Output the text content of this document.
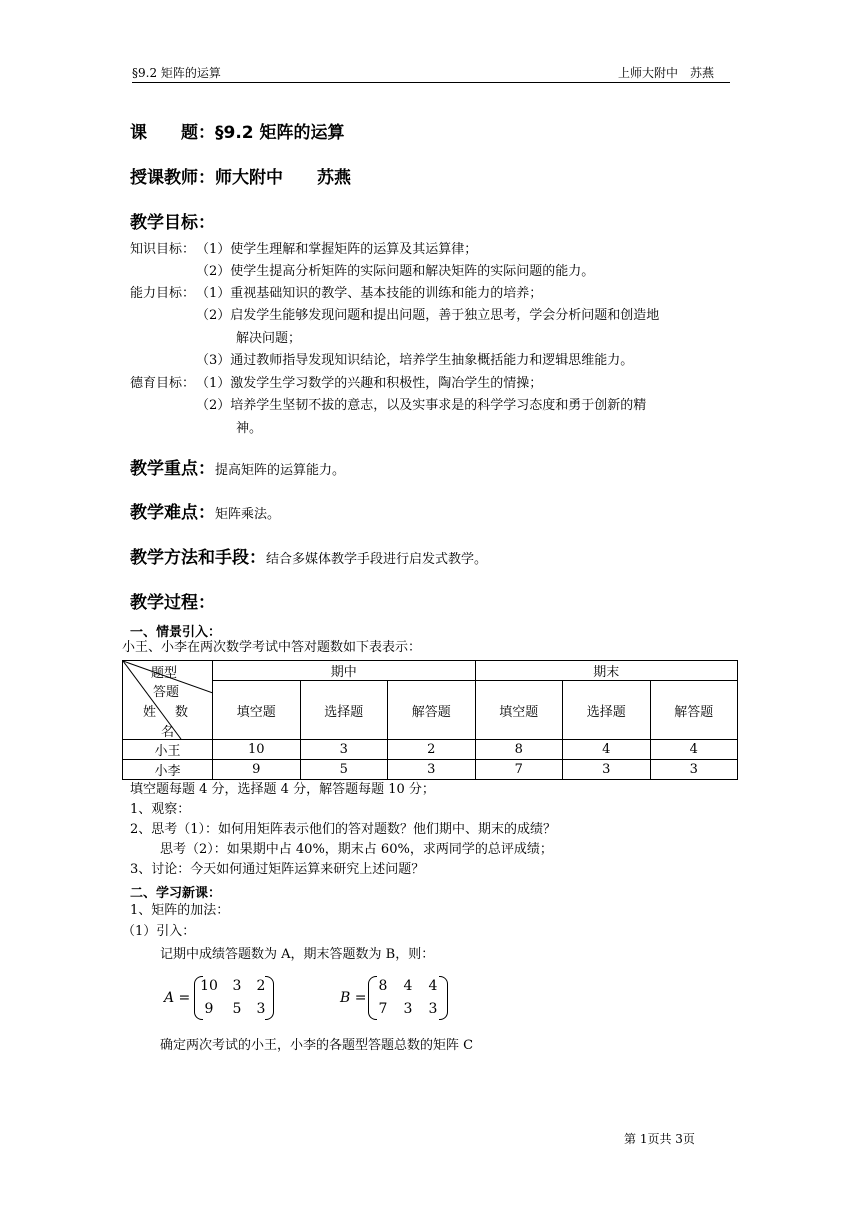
§9.2 矩阵的运算	上师大附中　苏燕
课　　题：§9.2 矩阵的运算
授课教师：师大附中　　苏燕
教学目标：
知识目标： （1）使学生理解和掌握矩阵的运算及其运算律；
（2）使学生提高分析矩阵的实际问题和解决矩阵的实际问题的能力。
能力目标： （1）重视基础知识的教学、基本技能的训练和能力的培养；
（2）启发学生能够发现问题和提出问题，善于独立思考，学会分析问题和创造地
解决问题；
（3）通过教师指导发现知识结论，培养学生抽象概括能力和逻辑思维能力。
德育目标： （1）激发学生学习数学的兴趣和积极性，陶冶学生的情操；
（2）培养学生坚韧不拔的意志，以及实事求是的科学学习态度和勇于创新的精
神。
教学重点：提高矩阵的运算能力。
教学难点：矩阵乘法。
教学方法和手段：结合多媒体教学手段进行启发式教学。
教学过程：
一、情景引入：
小王、小李在两次数学考试中答对题数如下表表示：
题型
答题
姓 数
名	期中			期末		
	填空题	选择题	解答题	填空题	选择题	解答题
小王	10	3	2	8	4	4
小李	9	5	3	7	3	3
填空题每题 4 分，选择题 4 分，解答题每题 10 分；
1、观察：
2、思考（1）：如何用矩阵表示他们的答对题数？他们期中、期末的成绩？
思考（2）：如果期中占 40%，期末占 60%，求两同学的总评成绩；
3、讨论：今天如何通过矩阵运算来研究上述问题？
二、学习新课：
1、矩阵的加法：
（1）引入：
记期中成绩答题数为 A，期末答题数为 B，则：
A =
10	3	2
9	5	3
B =
8	4	4
7	3	3
确定两次考试的小王，小李的各题型答题总数的矩阵 C
第 1页共 3页
